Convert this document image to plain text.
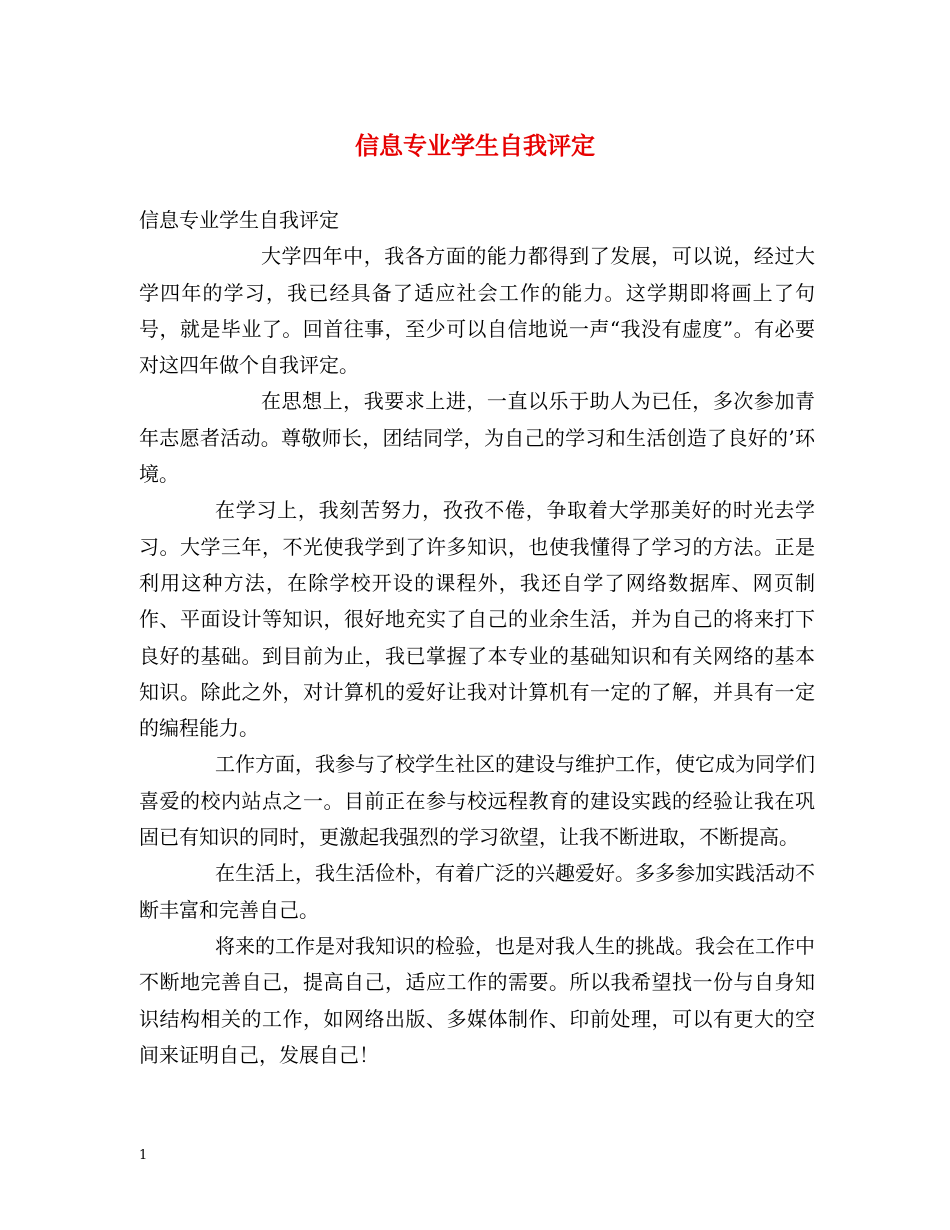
信息专业学生自我评定

信息专业学生自我评定

大学四年中，我各方面的能力都得到了发展，可以说，经过大学四年的学习，我已经具备了适应社会工作的能力。这学期即将画上了句号，就是毕业了。回首往事，至少可以自信地说一声“我没有虚度”。有必要对这四年做个自我评定。

在思想上，我要求上进，一直以乐于助人为已任，多次参加青年志愿者活动。尊敬师长，团结同学，为自己的学习和生活创造了良好的’环境。

在学习上，我刻苦努力，孜孜不倦，争取着大学那美好的时光去学习。大学三年，不光使我学到了许多知识，也使我懂得了学习的方法。正是利用这种方法，在除学校开设的课程外，我还自学了网络数据库、网页制作、平面设计等知识，很好地充实了自己的业余生活，并为自己的将来打下良好的基础。到目前为止，我已掌握了本专业的基础知识和有关网络的基本知识。除此之外，对计算机的爱好让我对计算机有一定的了解，并具有一定的编程能力。

工作方面，我参与了校学生社区的建设与维护工作，使它成为同学们喜爱的校内站点之一。目前正在参与校远程教育的建设实践的经验让我在巩固已有知识的同时，更激起我强烈的学习欲望，让我不断进取，不断提高。

在生活上，我生活俭朴，有着广泛的兴趣爱好。多多参加实践活动不断丰富和完善自己。

将来的工作是对我知识的检验，也是对我人生的挑战。我会在工作中不断地完善自己，提高自己，适应工作的需要。所以我希望找一份与自身知识结构相关的工作，如网络出版、多媒体制作、印前处理，可以有更大的空间来证明自己，发展自己！

1
